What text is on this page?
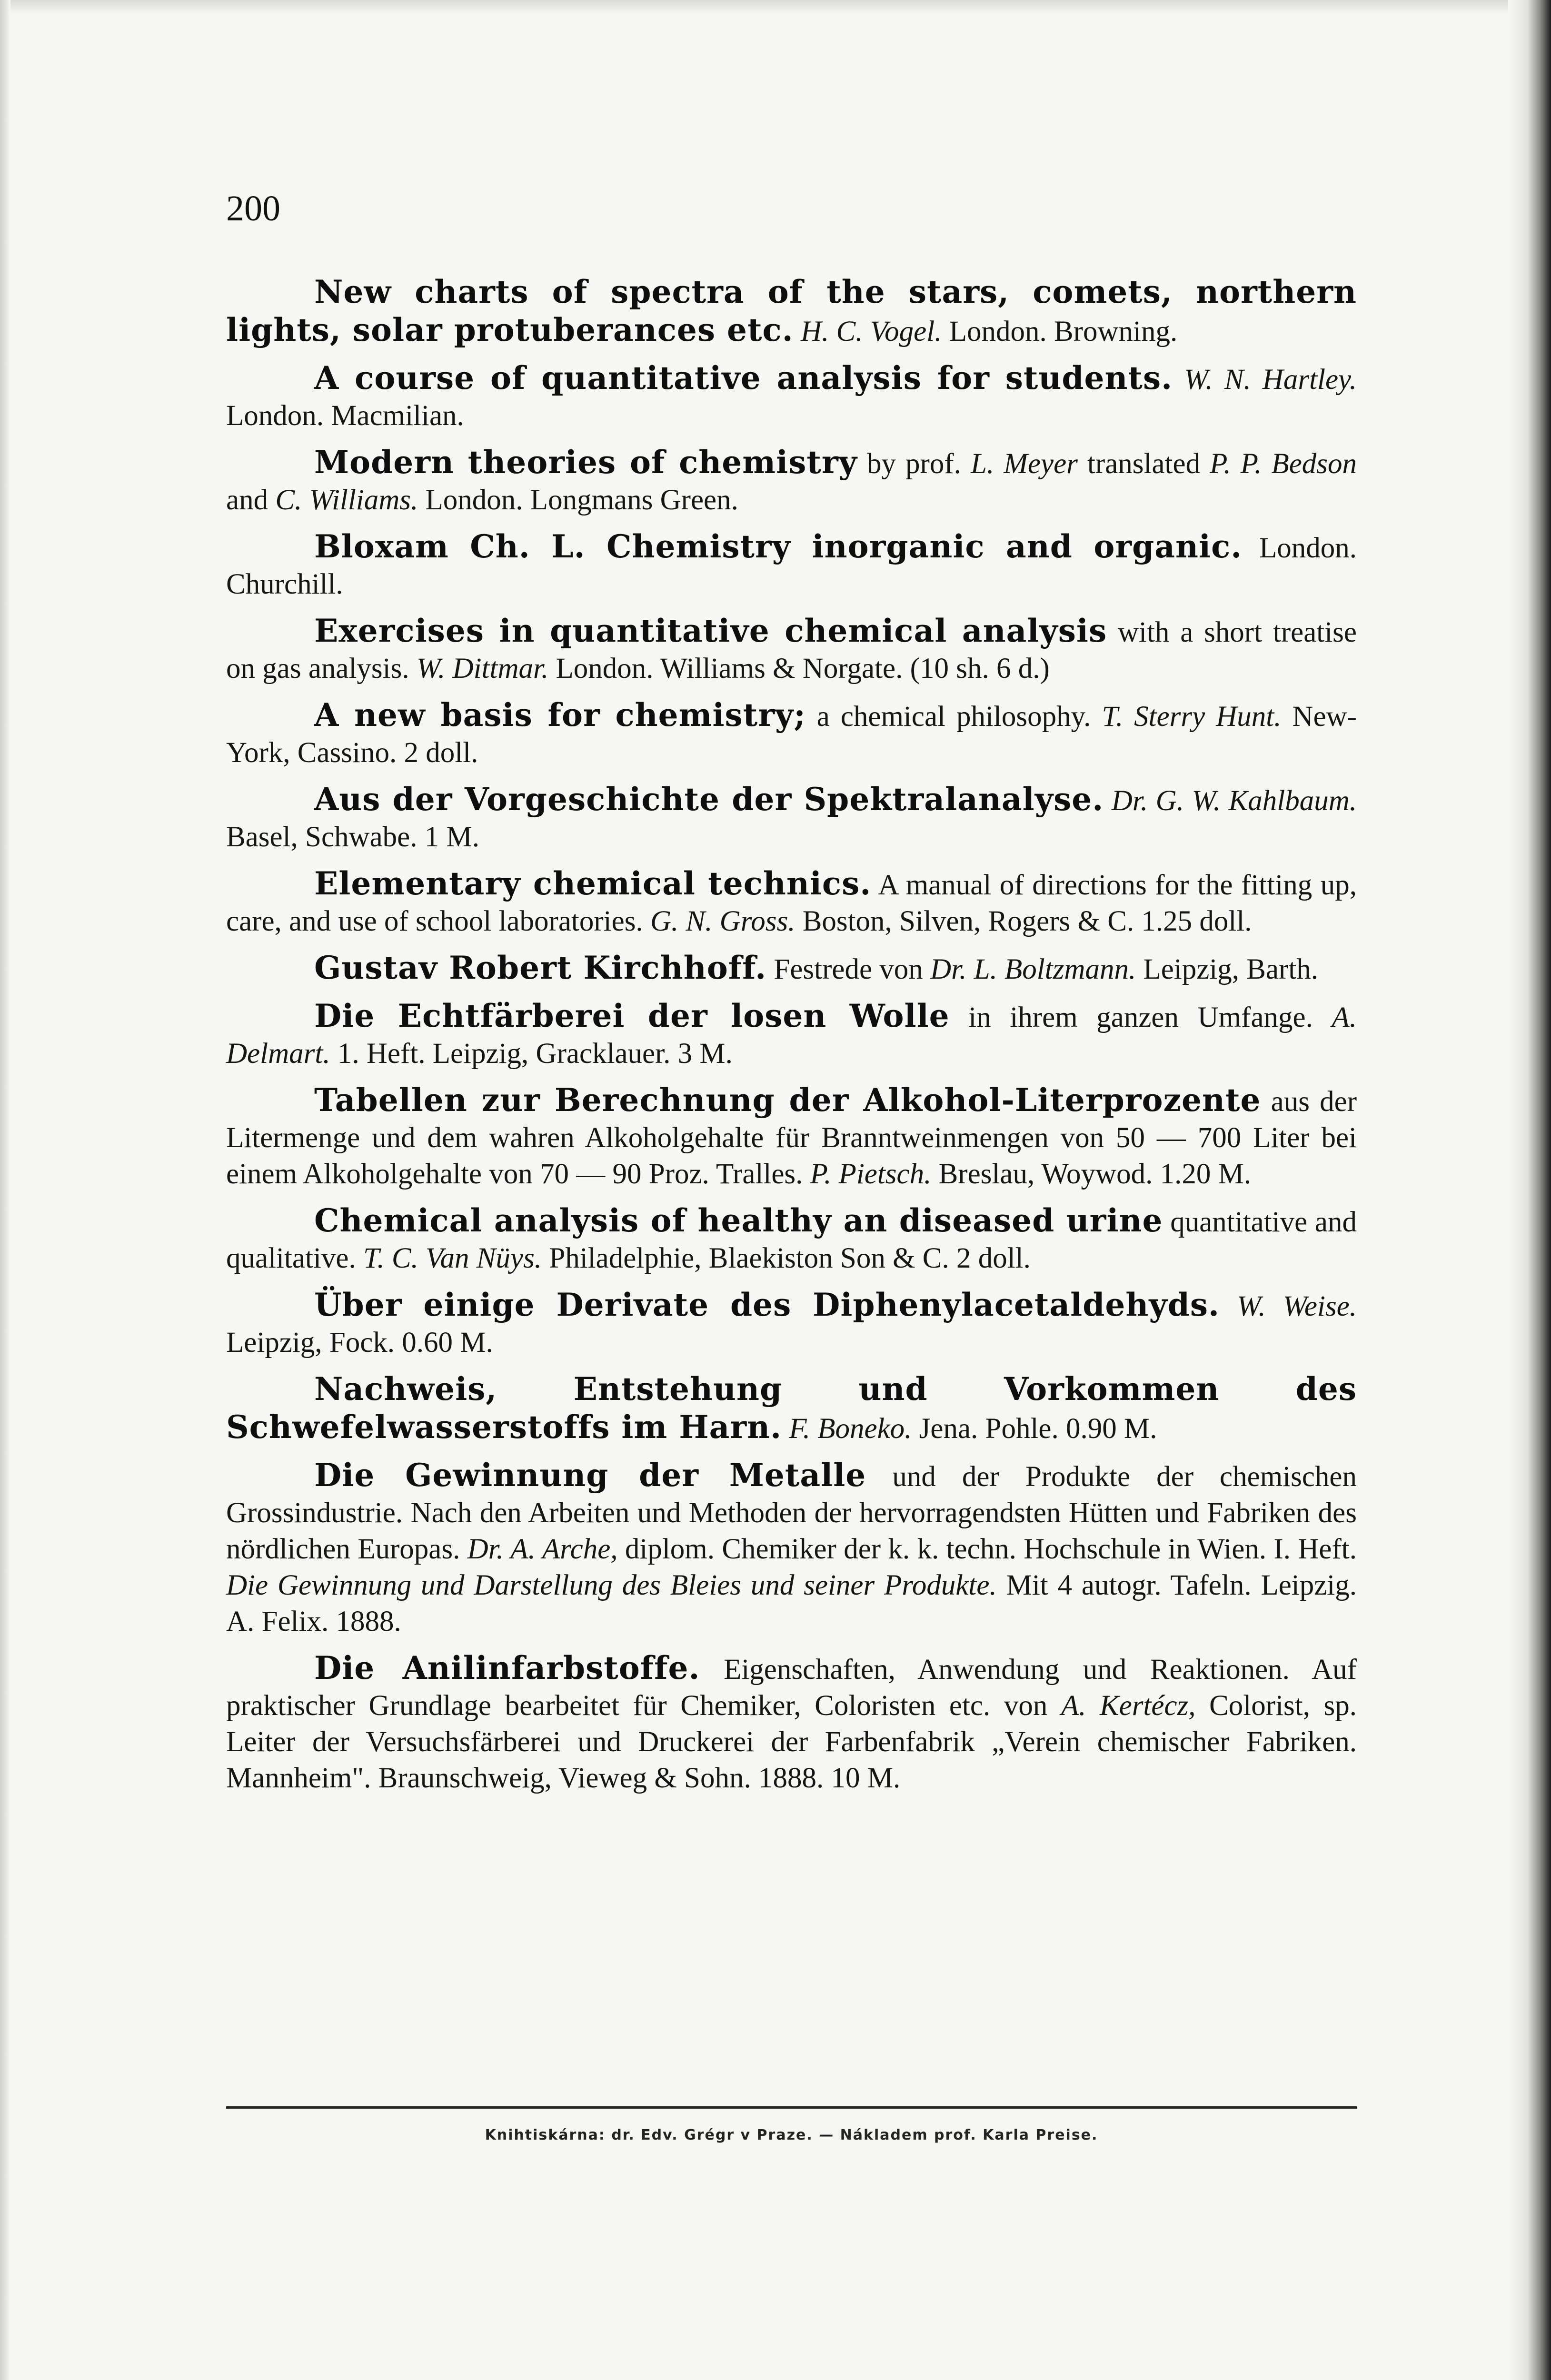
200

New charts of spectra of the stars, comets, northern lights, solar protuberances etc. H. C. Vogel. London. Browning.

A course of quantitative analysis for students. W. N. Hartley. London. Macmilian.

Modern theories of chemistry by prof. L. Meyer translated P. P. Bedson and C. Williams. London. Longmans Green.

Bloxam Ch. L. Chemistry inorganic and organic. London. Churchill.

Exercises in quantitative chemical analysis with a short treatise on gas analysis. W. Dittmar. London. Williams & Norgate. (10 sh. 6 d.)

A new basis for chemistry; a chemical philosophy. T. Sterry Hunt. New-York, Cassino. 2 doll.

Aus der Vorgeschichte der Spektralanalyse. Dr. G. W. Kahlbaum. Basel, Schwabe. 1 M.

Elementary chemical technics. A manual of directions for the fitting up, care, and use of school laboratories. G. N. Gross. Boston, Silven, Rogers & C. 1.25 doll.

Gustav Robert Kirchhoff. Festrede von Dr. L. Boltzmann. Leipzig, Barth.

Die Echtfärberei der losen Wolle in ihrem ganzen Umfange. A. Delmart. 1. Heft. Leipzig, Gracklauer. 3 M.

Tabellen zur Berechnung der Alkohol-Literprozente aus der Litermenge und dem wahren Alkoholgehalte für Branntweinmengen von 50 — 700 Liter bei einem Alkoholgehalte von 70 — 90 Proz. Tralles. P. Pietsch. Breslau, Woywod. 1.20 M.

Chemical analysis of healthy an diseased urine quantitative and qualitative. T. C. Van Nüys. Philadelphie, Blaekiston Son & C. 2 doll.

Über einige Derivate des Diphenylacetaldehyds. W. Weise. Leipzig, Fock. 0.60 M.

Nachweis, Entstehung und Vorkommen des Schwefelwasserstoffs im Harn. F. Boneko. Jena. Pohle. 0.90 M.

Die Gewinnung der Metalle und der Produkte der chemischen Grossindustrie. Nach den Arbeiten und Methoden der hervorragendsten Hütten und Fabriken des nördlichen Europas. Dr. A. Arche, diplom. Chemiker der k. k. techn. Hochschule in Wien. I. Heft. Die Gewinnung und Darstellung des Bleies und seiner Produkte. Mit 4 autogr. Tafeln. Leipzig. A. Felix. 1888.

Die Anilinfarbstoffe. Eigenschaften, Anwendung und Reaktionen. Auf praktischer Grundlage bearbeitet für Chemiker, Coloristen etc. von A. Kertécz, Colorist, sp. Leiter der Versuchsfärberei und Druckerei der Farbenfabrik „Verein chemischer Fabriken. Mannheim". Braunschweig, Vieweg & Sohn. 1888. 10 M.

Knihtiskárna: dr. Edv. Grégr v Praze. — Nákladem prof. Karla Preise.
